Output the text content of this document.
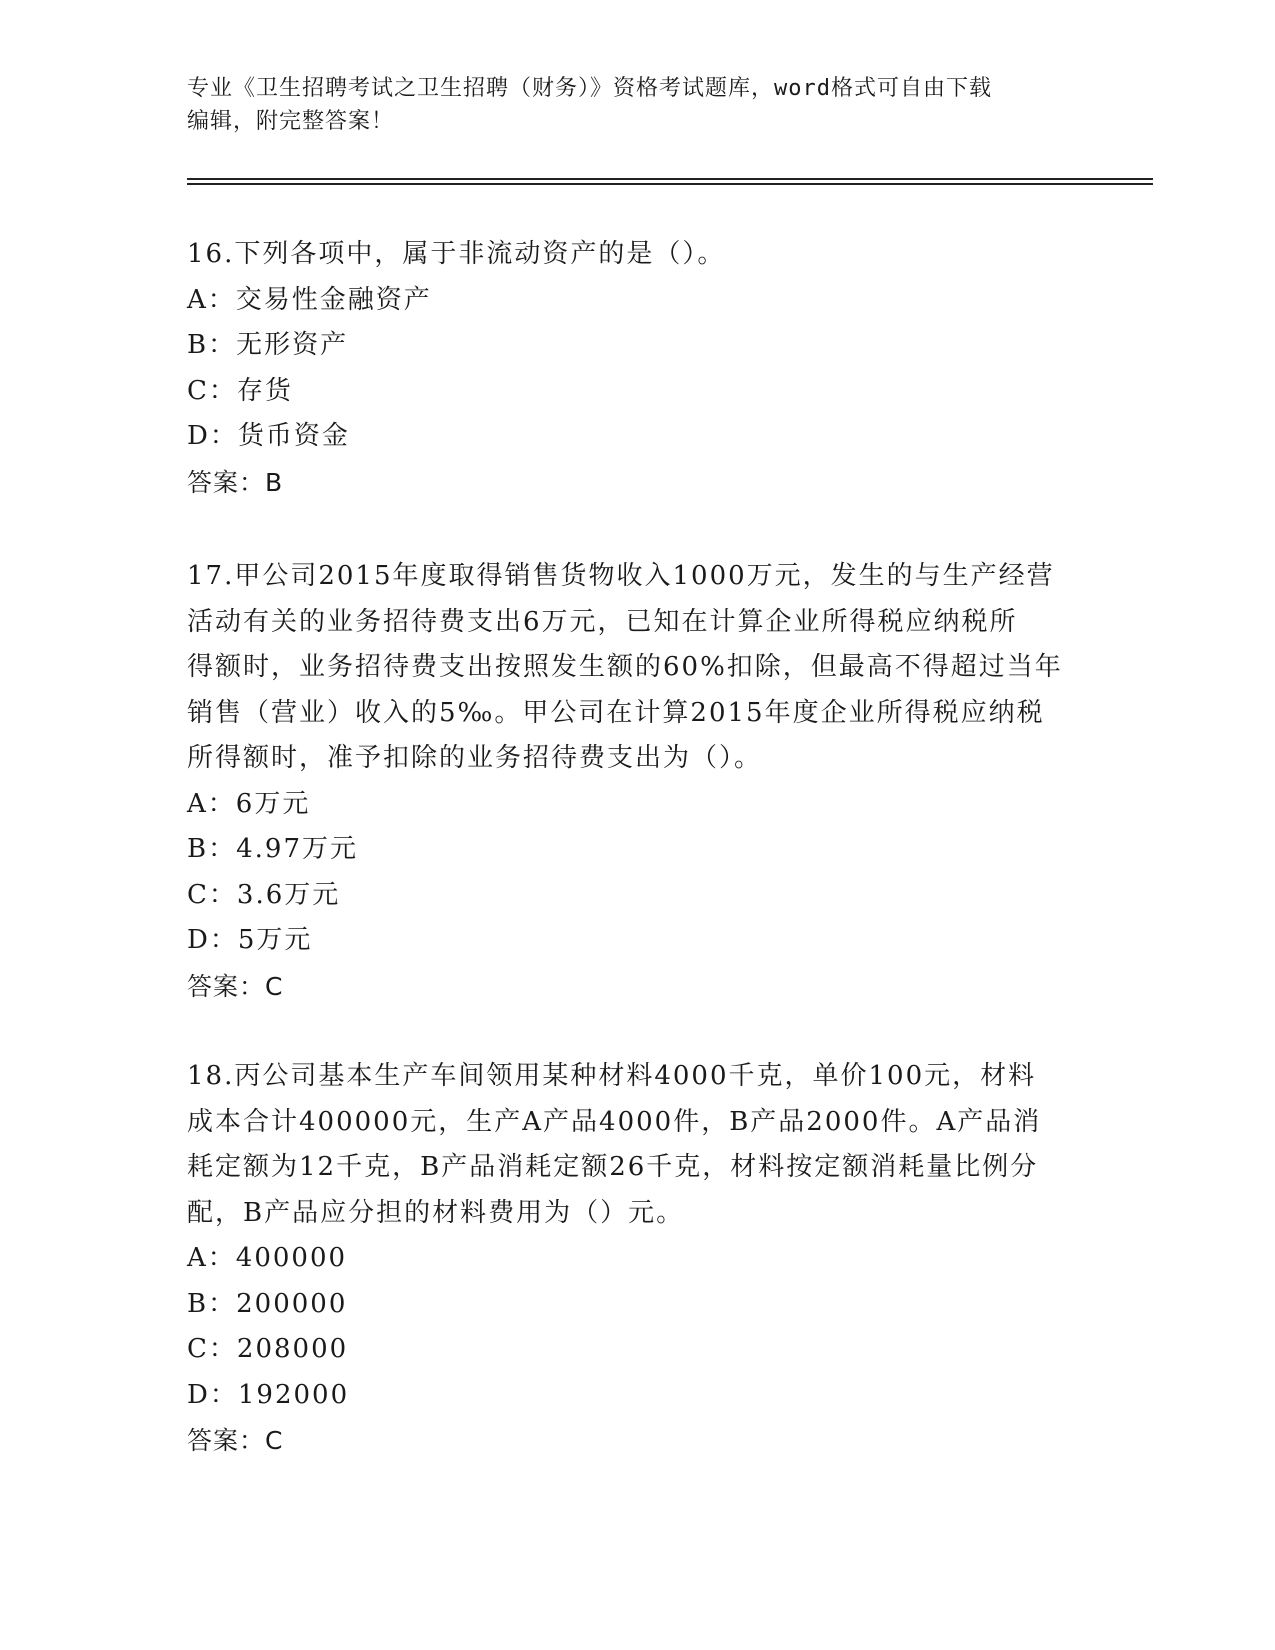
专业《卫生招聘考试之卫生招聘（财务）》资格考试题库，word格式可自由下载
编辑，附完整答案！

16.下列各项中，属于非流动资产的是（）。

A：交易性金融资产

B：无形资产

C：存货

D：货币资金

答案：B

17.甲公司2015年度取得销售货物收入1000万元，发生的与生产经营

活动有关的业务招待费支出6万元，已知在计算企业所得税应纳税所

得额时，业务招待费支出按照发生额的60%扣除，但最高不得超过当年

销售（营业）收入的5‰。甲公司在计算2015年度企业所得税应纳税

所得额时，准予扣除的业务招待费支出为（）。

A：6万元

B：4.97万元

C：3.6万元

D：5万元

答案：C

18.丙公司基本生产车间领用某种材料4000千克，单价100元，材料

成本合计400000元，生产A产品4000件，B产品2000件。A产品消

耗定额为12千克，B产品消耗定额26千克，材料按定额消耗量比例分

配，B产品应分担的材料费用为（）元。

A：400000

B：200000

C：208000

D：192000

答案：C
